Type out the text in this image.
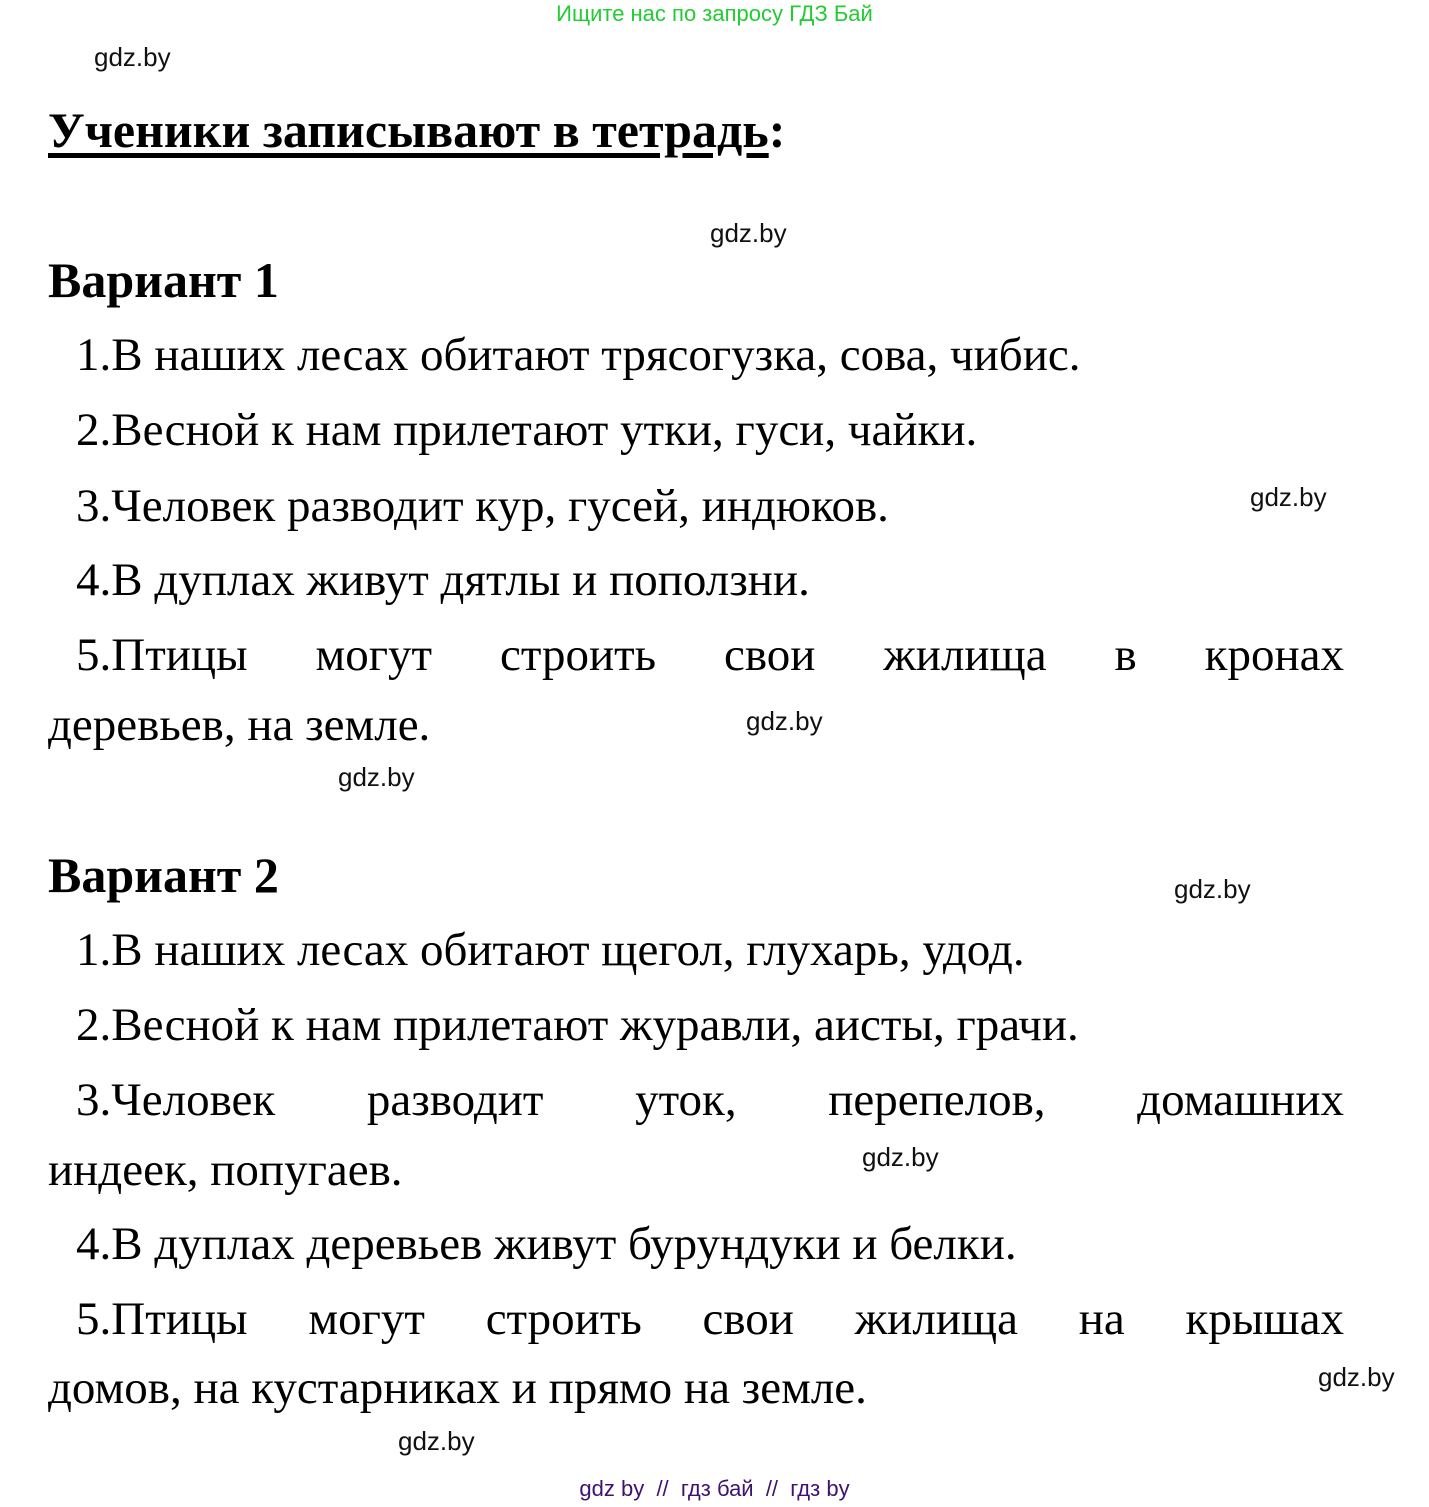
Ищите нас по запросу ГДЗ Бай
gdz.by
Ученики записывают в тетрадь:
gdz.by
Вариант 1
1.В наших лесах обитают трясогузка, сова, чибис.
2.Весной к нам прилетают утки, гуси, чайки.
3.Человек разводит кур, гусей, индюков.	gdz.by
4.В дуплах живут дятлы и поползни.
5.Птицы могут строить свои жилища в кронах
деревьев, на земле.	gdz.by
gdz.by
Вариант 2	gdz.by
1.В наших лесах обитают щегол, глухарь, удод.
2.Весной к нам прилетают журавли, аисты, грачи.
3.Человек разводит уток, перепелов, домашних
индеек, попугаев.	gdz.by
4.В дуплах деревьев живут бурундуки и белки.
5.Птицы могут строить свои жилища на крышах
домов, на кустарниках и прямо на земле.	gdz.by
gdz.by
gdz by  //  гдз бай  //  гдз by
